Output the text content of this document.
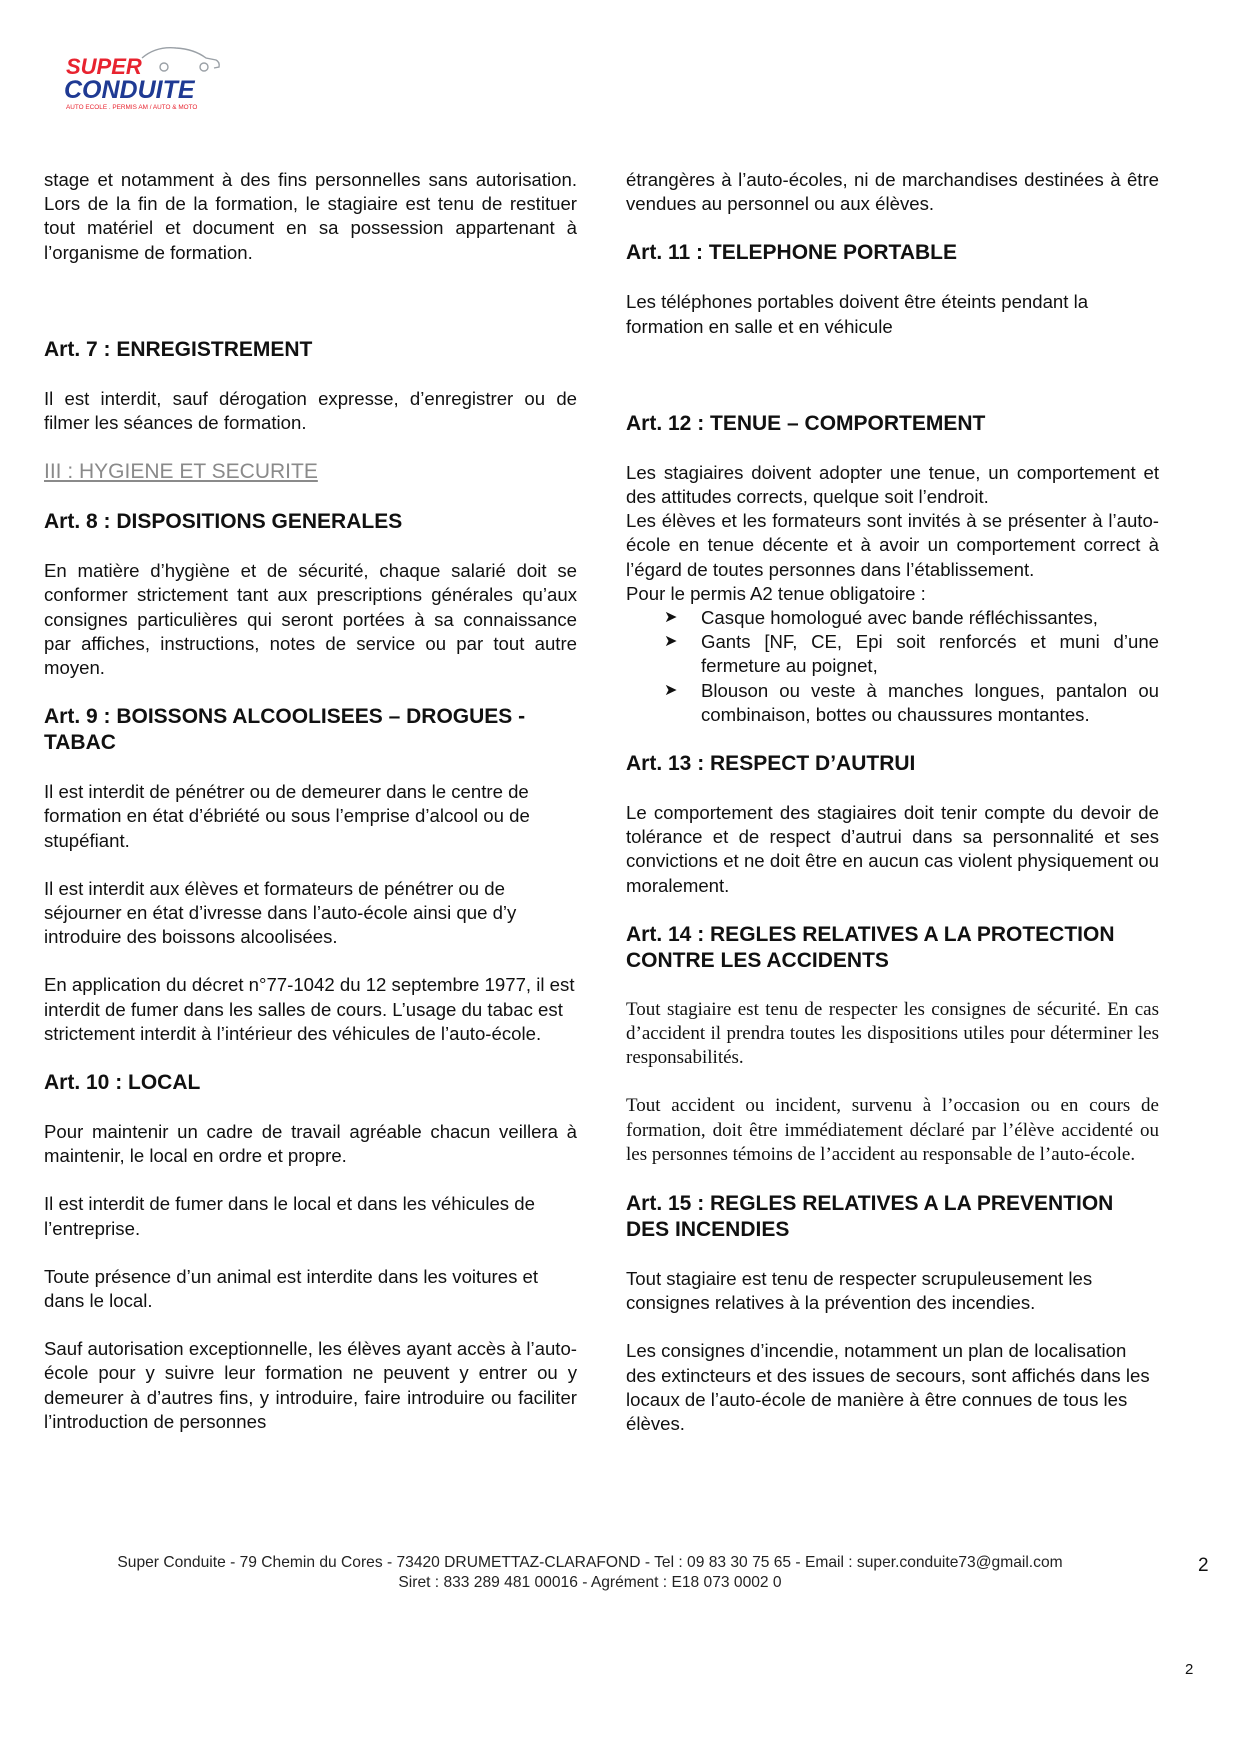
SUPER
CONDUITE
AUTO ECOLE . PERMIS AM / AUTO & MOTO
stage et notamment à des fins personnelles sans autorisation. Lors de la fin de la formation, le stagiaire est tenu de restituer tout matériel et document en sa possession appartenant à l’organisme de formation.
Art. 7 : ENREGISTREMENT
Il est interdit, sauf dérogation expresse, d’enregistrer ou de filmer les séances de formation.
III : HYGIENE ET SECURITE
Art. 8 : DISPOSITIONS GENERALES
En matière d’hygiène et de sécurité, chaque salarié doit se conformer strictement tant aux prescriptions générales qu’aux consignes particulières qui seront portées à sa connaissance par affiches, instructions, notes de service ou par tout autre moyen.
Art. 9 : BOISSONS ALCOOLISEES – DROGUES - TABAC
Il est interdit de pénétrer ou de demeurer dans le centre de formation en état d’ébriété ou sous l’emprise d’alcool ou de stupéfiant.
Il est interdit aux élèves et formateurs de pénétrer ou de séjourner en état d’ivresse dans l’auto-école ainsi que d’y introduire des boissons alcoolisées.
En application du décret n°77-1042 du 12 septembre 1977, il est interdit de fumer dans les salles de cours. L’usage du tabac est strictement interdit à l’intérieur des véhicules de l’auto-école.
Art. 10 : LOCAL
Pour maintenir un cadre de travail agréable chacun veillera à maintenir, le local en ordre et propre.
Il est interdit de fumer dans le local et dans les véhicules de l’entreprise.
Toute présence d’un animal est interdite dans les voitures et dans le local.
Sauf autorisation exceptionnelle, les élèves ayant accès à l’auto-école pour y suivre leur formation ne peuvent y entrer ou y demeurer à d’autres fins, y introduire, faire introduire ou faciliter l’introduction de personnes
étrangères à l’auto-écoles, ni de marchandises destinées à être vendues au personnel ou aux élèves.
Art. 11 : TELEPHONE PORTABLE
Les téléphones portables doivent être éteints pendant la formation en salle et en véhicule
Art. 12 : TENUE – COMPORTEMENT
Les stagiaires doivent adopter une tenue, un comportement et des attitudes corrects, quelque soit l’endroit.
Les élèves et les formateurs sont invités à se présenter à l’auto-école en tenue décente et à avoir un comportement correct à l’égard de toutes personnes dans l’établissement.
Pour le permis A2 tenue obligatoire :
➤ Casque homologué avec bande réfléchissantes,
➤ Gants [NF, CE, Epi soit renforcés et muni d’une fermeture au poignet,
➤ Blouson ou veste à manches longues, pantalon ou combinaison, bottes ou chaussures montantes.
Art. 13 : RESPECT D’AUTRUI
Le comportement des stagiaires doit tenir compte du devoir de tolérance et de respect d’autrui dans sa personnalité et ses convictions et ne doit être en aucun cas violent physiquement ou moralement.
Art. 14 : REGLES RELATIVES A LA PROTECTION CONTRE LES ACCIDENTS
Tout stagiaire est tenu de respecter les consignes de sécurité. En cas d’accident il prendra toutes les dispositions utiles pour déterminer les responsabilités.
Tout accident ou incident, survenu à l’occasion ou en cours de formation, doit être immédiatement déclaré par l’élève accidenté ou les personnes témoins de l’accident au responsable de l’auto-école.
Art. 15 : REGLES RELATIVES A LA PREVENTION DES INCENDIES
Tout stagiaire est tenu de respecter scrupuleusement les consignes relatives à la prévention des incendies.
Les consignes d’incendie, notamment un plan de localisation des extincteurs et des issues de secours, sont affichés dans les locaux de l’auto-école de manière à être connues de tous les élèves.
Super Conduite - 79 Chemin du Cores - 73420 DRUMETTAZ-CLARAFOND - Tel : 09 83 30 75 65 - Email : super.conduite73@gmail.com
Siret : 833 289 481 00016 - Agrément : E18 073 0002 0
2
2
